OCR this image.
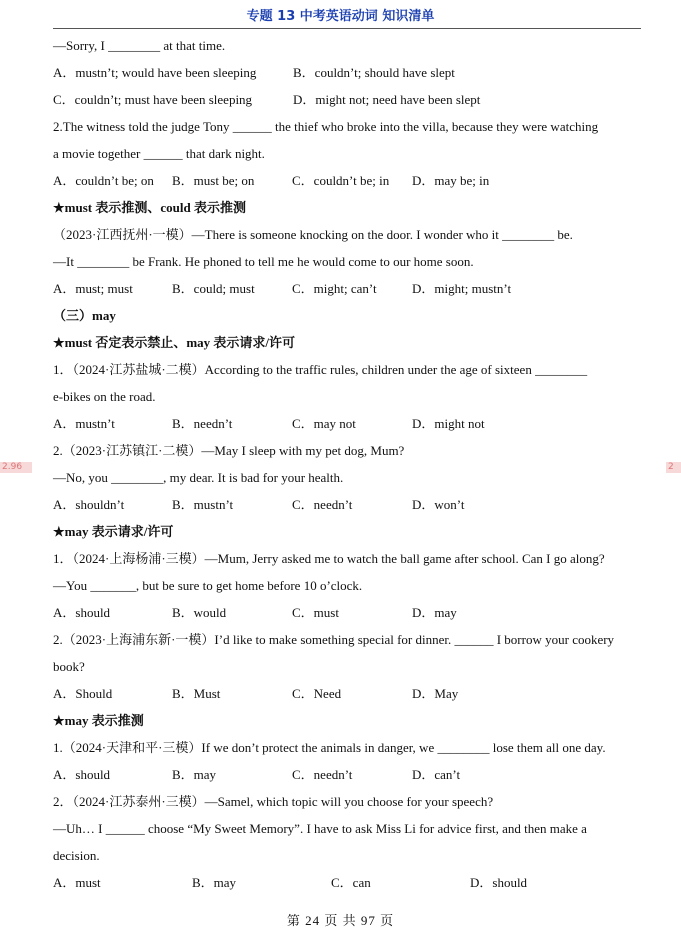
专题 13 中考英语动词 知识清单
2.96	2
—Sorry, I ________ at that time.
A．mustn’t; would have been sleeping	B．couldn’t; should have slept
C．couldn’t; must have been sleeping	D．might not; need have been slept
2.The witness told the judge Tony ______ the thief who broke into the villa, because they were watching
a movie together ______ that dark night.
A．couldn’t be; on B．must be; on	C．couldn’t be; in D．may be; in
★must 表示推测、could 表示推测
（2023·江西抚州·一模）—There is someone knocking on the door. I wonder who it ________ be.
—It ________ be Frank. He phoned to tell me he would come to our home soon.
A．must; must	B．could; must	C．might; can’t	D．might; mustn’t
（三）may
★must 否定表示禁止、may 表示请求/许可
1．（2024·江苏盐城·二模）According to the traffic rules, children under the age of sixteen ________
e-bikes on the road.
A．mustn’t	B．needn’t	C．may not	D．might not
2.（2023·江苏镇江·二模）—May I sleep with my pet dog, Mum?
—No, you ________, my dear. It is bad for your health.
A．shouldn’t	B．mustn’t	C．needn’t	D．won’t
★may 表示请求/许可
1．（2024·上海杨浦·三模）—Mum, Jerry asked me to watch the ball game after school. Can I go along?
—You _______, but be sure to get home before 10 o’clock.
A．should	B．would	C．must	D．may
2.（2023·上海浦东新·一模）I’d like to make something special for dinner. ______ I borrow your cookery
book?
A．Should	B．Must	C．Need	D．May
★may 表示推测
1.（2024·天津和平·三模）If we don’t protect the animals in danger, we ________ lose them all one day.
A．should	B．may	C．needn’t	D．can’t
2．（2024·江苏泰州·三模）—Samel, which topic will you choose for your speech?
—Uh… I ______ choose “My Sweet Memory”. I have to ask Miss Li for advice first, and then make a
decision.
A．must	B．may	C．can	D．should
第 24 页 共 97 页
